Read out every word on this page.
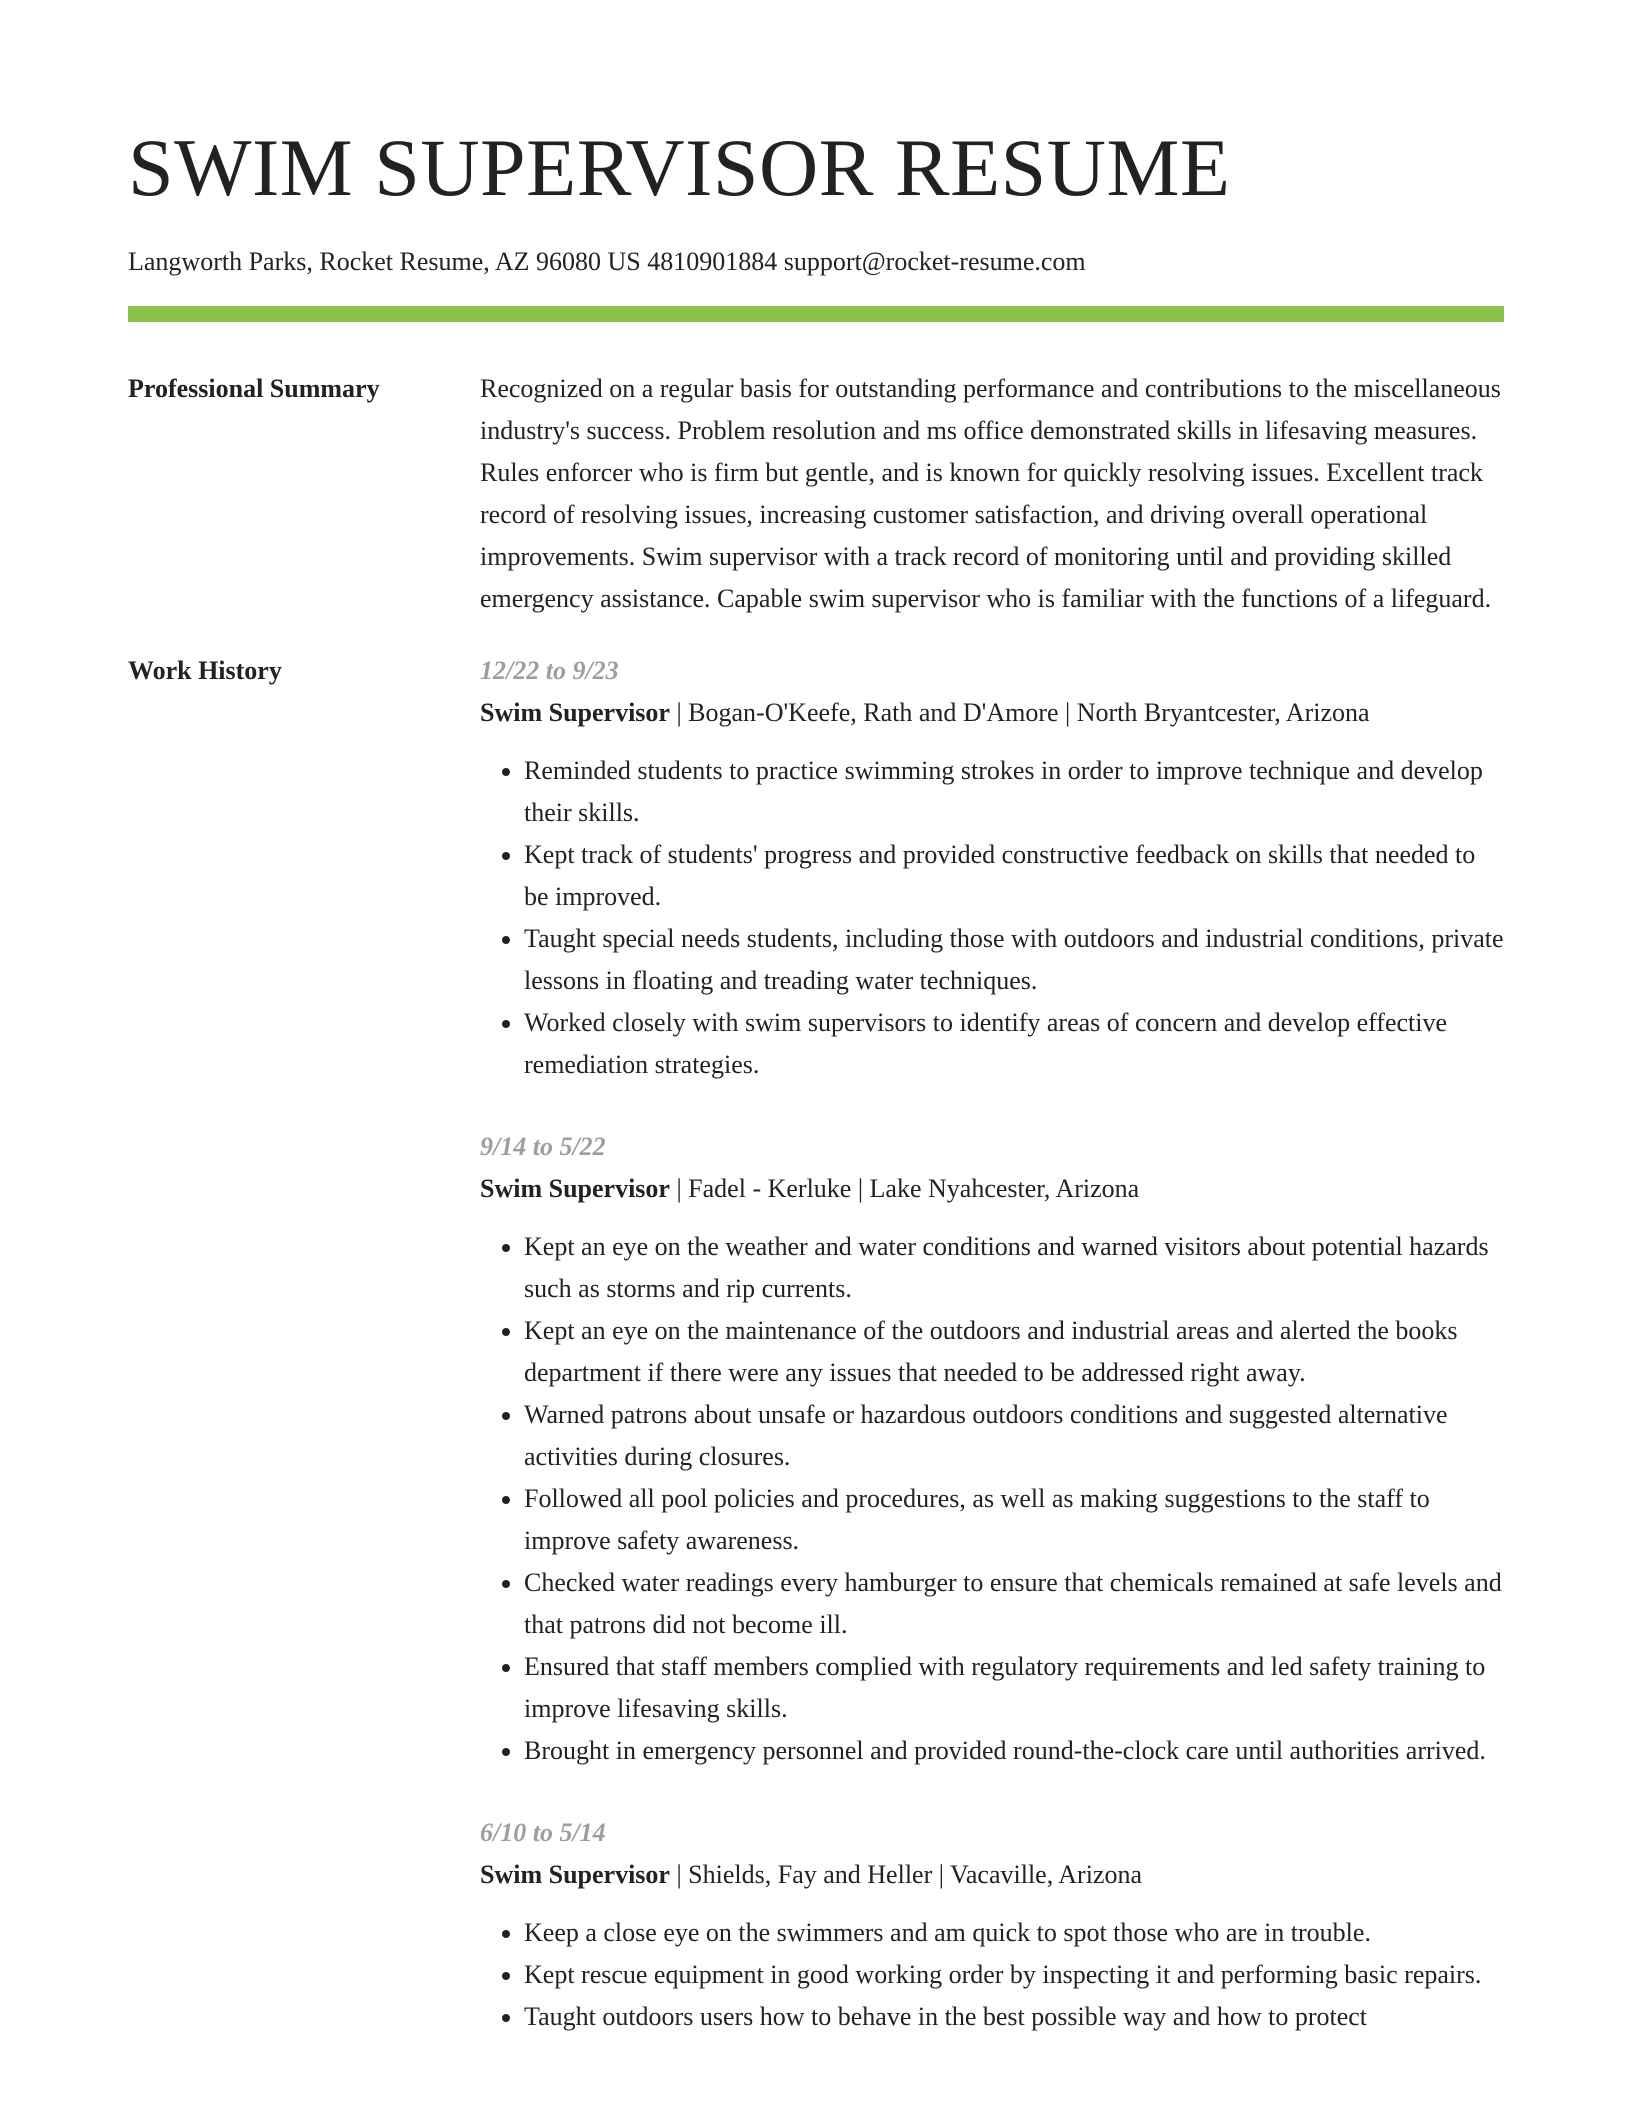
SWIM SUPERVISOR RESUME
Langworth Parks, Rocket Resume, AZ 96080 US 4810901884 support@rocket-resume.com
Professional Summary	Recognized on a regular basis for outstanding performance and contributions to the miscellaneous industry's success. Problem resolution and ms office demonstrated skills in lifesaving measures. Rules enforcer who is firm but gentle, and is known for quickly resolving issues. Excellent track record of resolving issues, increasing customer satisfaction, and driving overall operational improvements. Swim supervisor with a track record of monitoring until and providing skilled emergency assistance. Capable swim supervisor who is familiar with the functions of a lifeguard.

Work History	12/22 to 9/23
Swim Supervisor | Bogan-O'Keefe, Rath and D'Amore | North Bryantcester, Arizona
• Reminded students to practice swimming strokes in order to improve technique and develop their skills.
• Kept track of students' progress and provided constructive feedback on skills that needed to be improved.
• Taught special needs students, including those with outdoors and industrial conditions, private lessons in floating and treading water techniques.
• Worked closely with swim supervisors to identify areas of concern and develop effective remediation strategies.
9/14 to 5/22
Swim Supervisor | Fadel - Kerluke | Lake Nyahcester, Arizona
• Kept an eye on the weather and water conditions and warned visitors about potential hazards such as storms and rip currents.
• Kept an eye on the maintenance of the outdoors and industrial areas and alerted the books department if there were any issues that needed to be addressed right away.
• Warned patrons about unsafe or hazardous outdoors conditions and suggested alternative activities during closures.
• Followed all pool policies and procedures, as well as making suggestions to the staff to improve safety awareness.
• Checked water readings every hamburger to ensure that chemicals remained at safe levels and that patrons did not become ill.
• Ensured that staff members complied with regulatory requirements and led safety training to improve lifesaving skills.
• Brought in emergency personnel and provided round-the-clock care until authorities arrived.
6/10 to 5/14
Swim Supervisor | Shields, Fay and Heller | Vacaville, Arizona
• Keep a close eye on the swimmers and am quick to spot those who are in trouble.
• Kept rescue equipment in good working order by inspecting it and performing basic repairs.
• Taught outdoors users how to behave in the best possible way and how to protect
